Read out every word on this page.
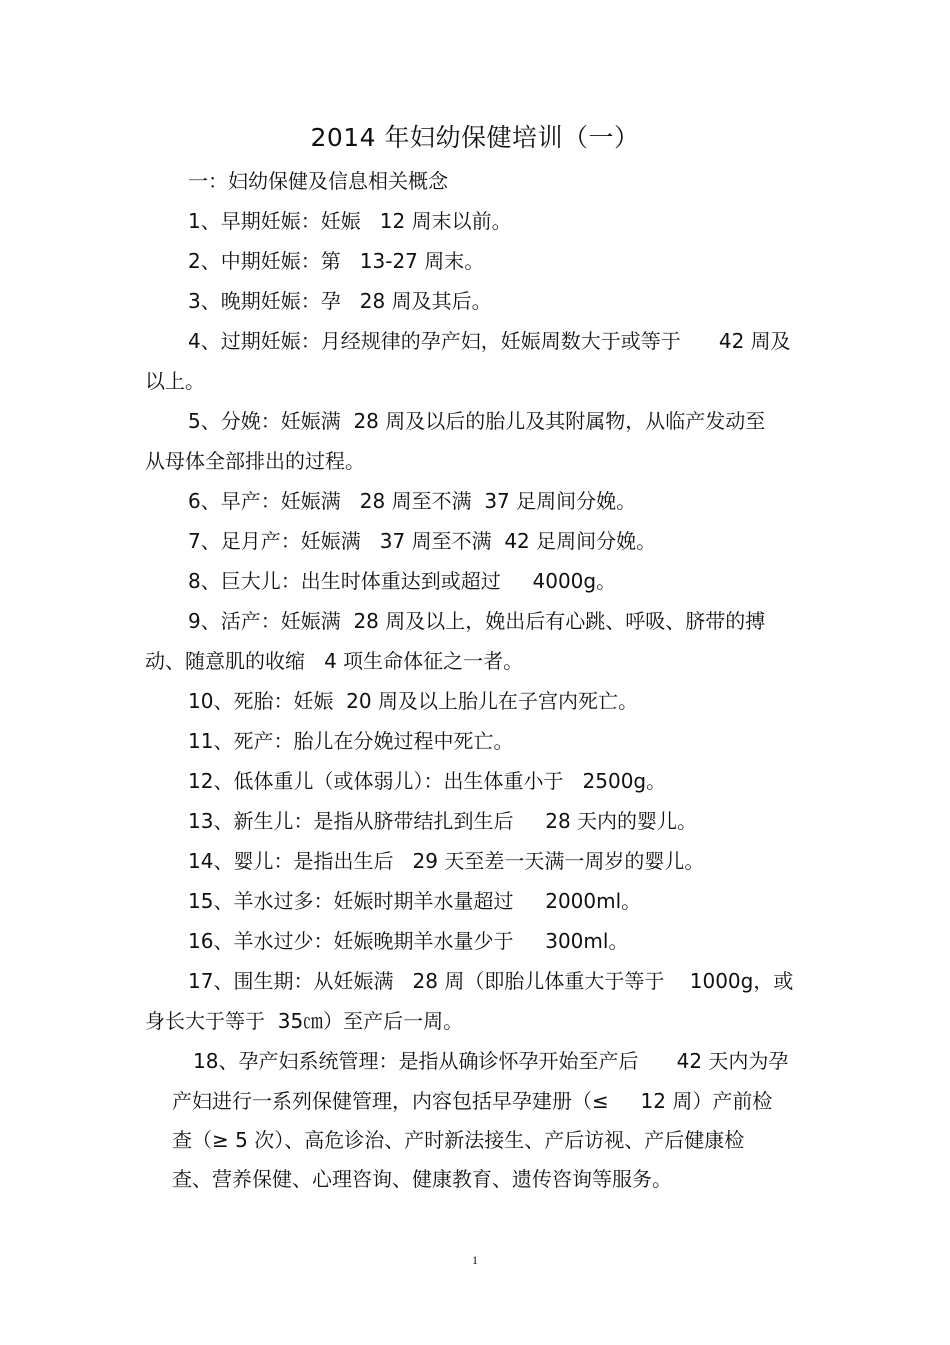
2014 年妇幼保健培训（一）
一：妇幼保健及信息相关概念
1、早期妊娠：妊娠   12 周末以前。
2、中期妊娠：第   13-27 周末。
3、晚期妊娠：孕   28 周及其后。
4、过期妊娠：月经规律的孕产妇，妊娠周数大于或等于      42 周及
以上。
5、分娩：妊娠满  28 周及以后的胎儿及其附属物，从临产发动至
从母体全部排出的过程。
6、早产：妊娠满   28 周至不满  37 足周间分娩。
7、足月产：妊娠满   37 周至不满  42 足周间分娩。
8、巨大儿：出生时体重达到或超过     4000g。
9、活产：妊娠满  28 周及以上，娩出后有心跳、呼吸、脐带的搏
动、随意肌的收缩   4 项生命体征之一者。
10、死胎：妊娠  20 周及以上胎儿在子宫内死亡。
11、死产：胎儿在分娩过程中死亡。
12、低体重儿（或体弱儿）：出生体重小于   2500g。
13、新生儿：是指从脐带结扎到生后     28 天内的婴儿。
14、婴儿：是指出生后   29 天至差一天满一周岁的婴儿。
15、羊水过多：妊娠时期羊水量超过     2000ml。
16、羊水过少：妊娠晚期羊水量少于     300ml。
17、围生期：从妊娠满   28 周（即胎儿体重大于等于    1000g，或
身长大于等于  35㎝）至产后一周。
18、孕产妇系统管理：是指从确诊怀孕开始至产后      42 天内为孕
产妇进行一系列保健管理，内容包括早孕建册（≤     12 周）产前检
查（≥ 5 次）、高危诊治、产时新法接生、产后访视、产后健康检
查、营养保健、心理咨询、健康教育、遗传咨询等服务。
1
